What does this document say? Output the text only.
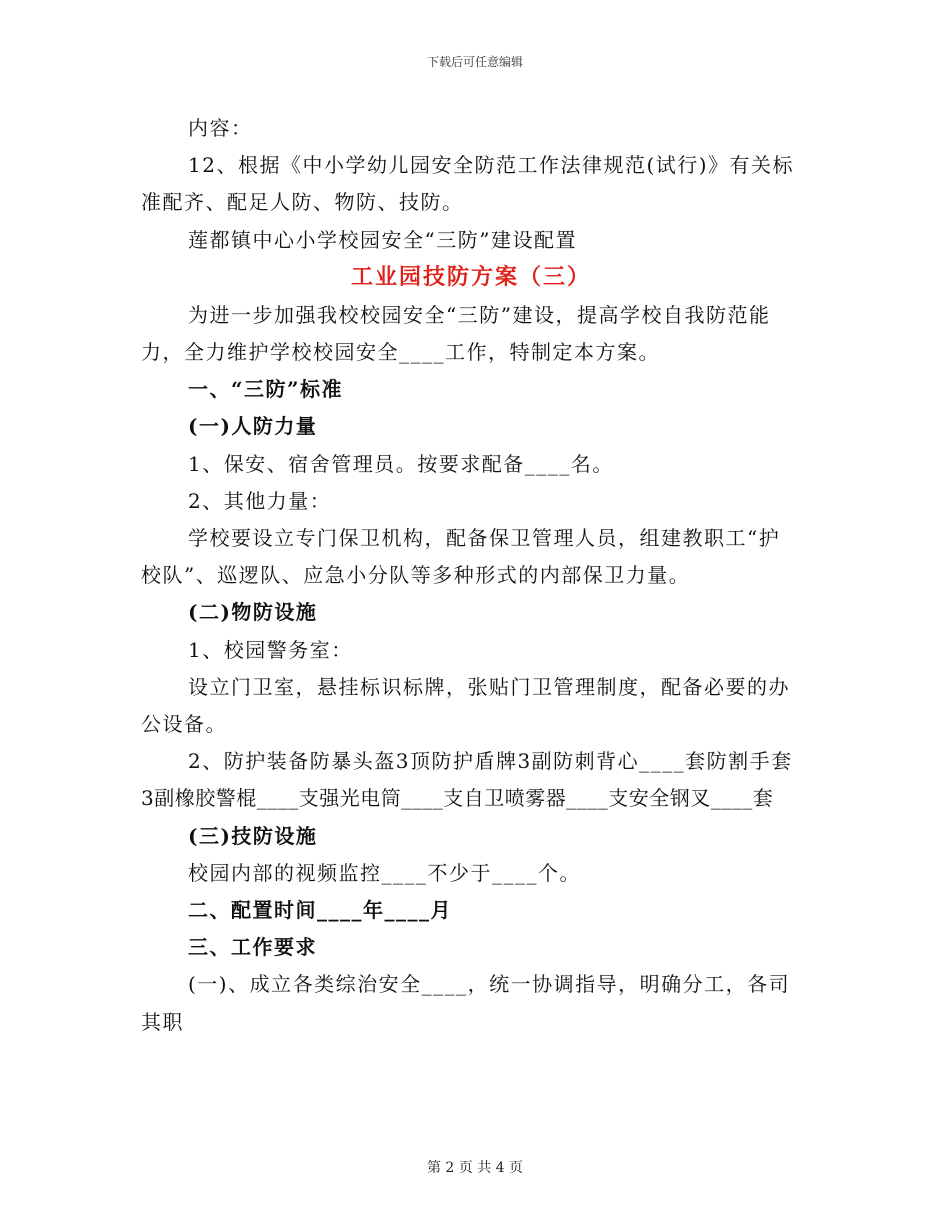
下载后可任意编辑
内容：
12、根据《中小学幼儿园安全防范工作法律规范(试行)》有关标
准配齐、配足人防、物防、技防。
莲都镇中心小学校园安全“三防”建设配置
工业园技防方案（三）
为进一步加强我校校园安全“三防”建设，提高学校自我防范能
力，全力维护学校校园安全____工作，特制定本方案。
一、“三防”标准
(一)人防力量
1、保安、宿舍管理员。按要求配备____名。
2、其他力量：
学校要设立专门保卫机构，配备保卫管理人员，组建教职工“护
校队”、巡逻队、应急小分队等多种形式的内部保卫力量。
(二)物防设施
1、校园警务室：
设立门卫室，悬挂标识标牌，张贴门卫管理制度，配备必要的办
公设备。
2、防护装备防暴头盔3顶防护盾牌3副防刺背心____套防割手套
3副橡胶警棍____支强光电筒____支自卫喷雾器____支安全钢叉____套
(三)技防设施
校园内部的视频监控____不少于____个。
二、配置时间____年____月
三、工作要求
(一)、成立各类综治安全____，统一协调指导，明确分工，各司
其职
第 2 页 共 4 页
